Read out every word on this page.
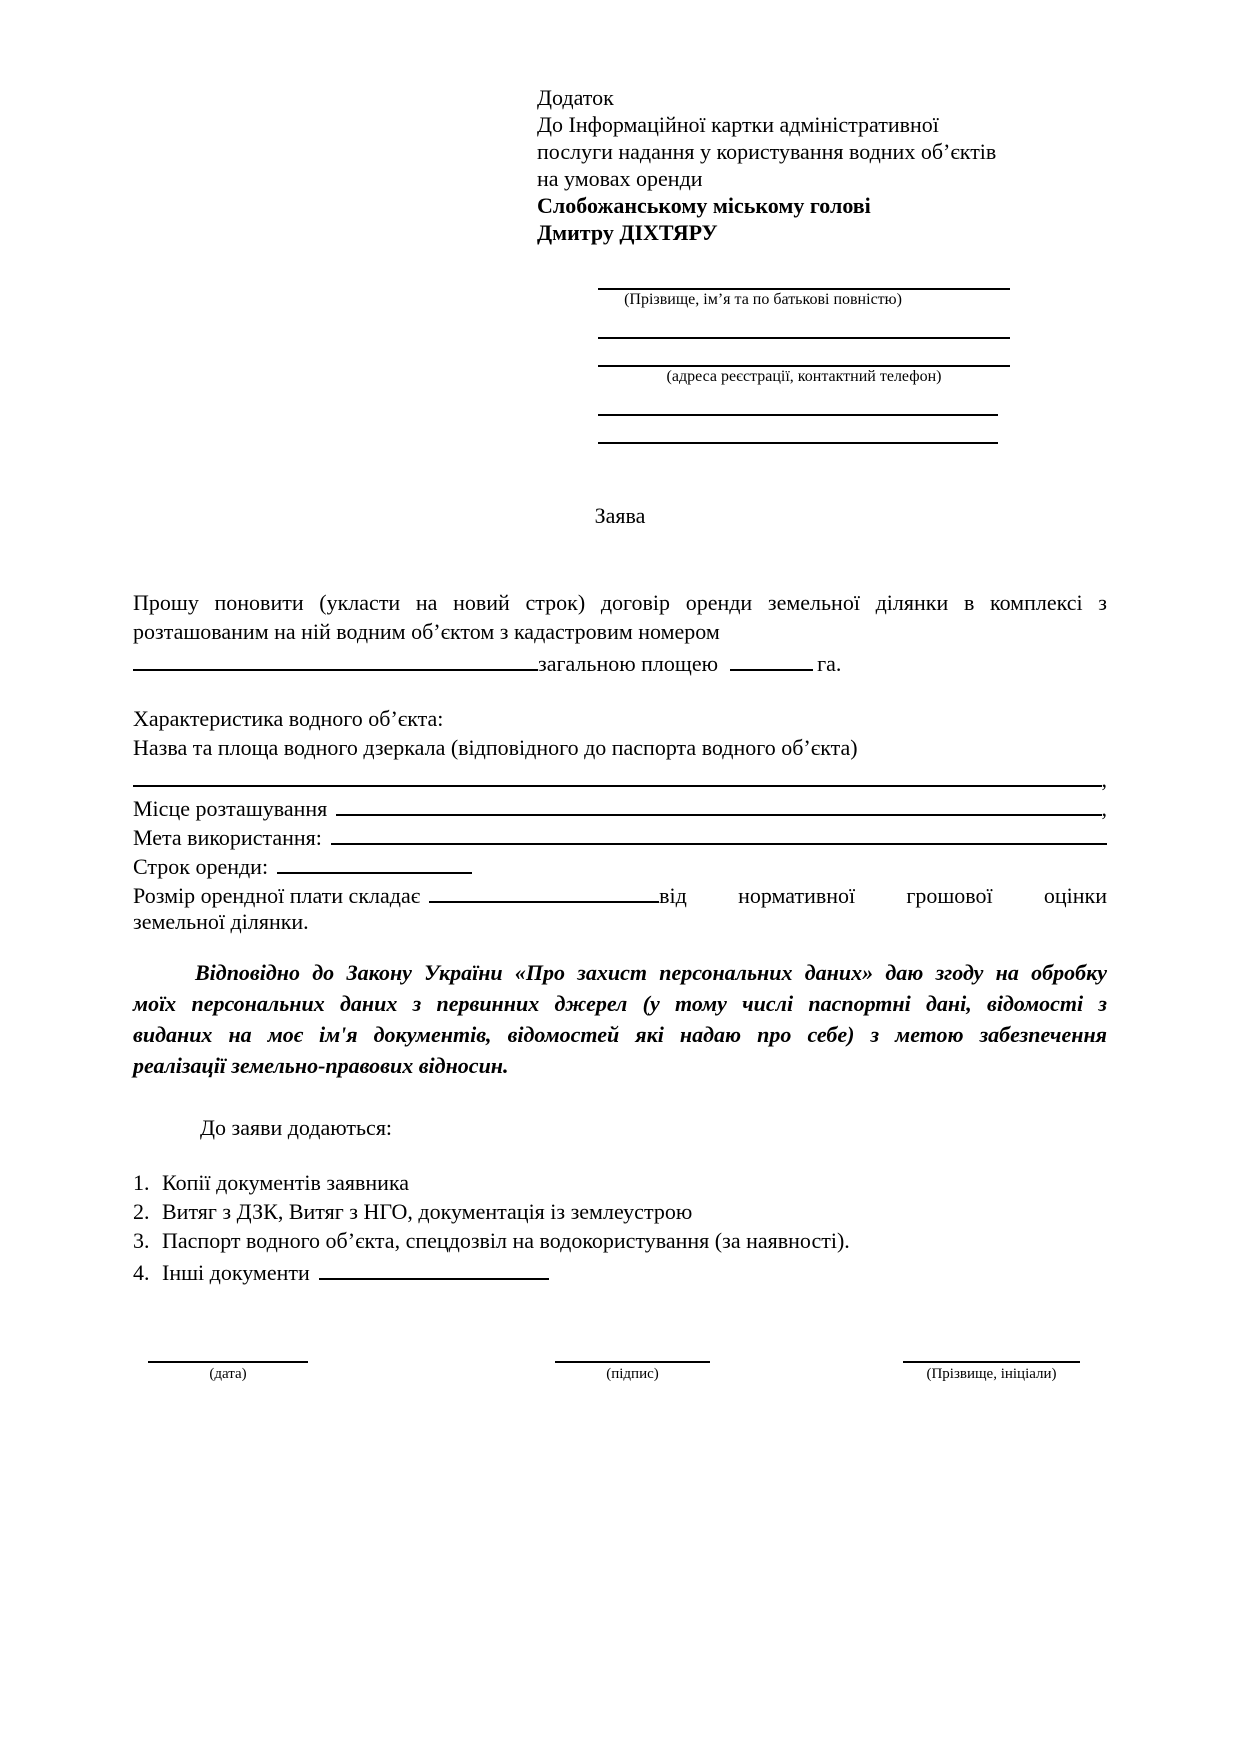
Додаток
До Інформаційної картки адміністративної
послуги надання у користування водних об’єктів
на умовах оренди
Слобожанському міському голові
Дмитру ДІХТЯРУ
(Прізвище, ім’я та по батькові повністю)
(адреса реєстрації, контактний телефон)
Заява
Прошу поновити (укласти на новий строк) договір оренди земельної ділянки в комплексі з
розташованим на ній водним об’єктом з кадастровим номером
загальною площею	га.
Характеристика водного об’єкта:
Назва та площа водного дзеркала (відповідного до паспорта водного об’єкта)
,
Місце розташування	,
Мета використання:
Строк оренди:
Розмір орендної плати складає	від нормативної грошової оцінки
земельної ділянки.
Відповідно до Закону України «Про захист персональних даних» даю згоду на обробку
моїх персональних даних з первинних джерел (у тому числі паспортні дані, відомості з
виданих на моє ім'я документів, відомостей які надаю про себе) з метою забезпечення
реалізації земельно-правових відносин.
До заяви додаються:
1. Копії документів заявника
2. Витяг з ДЗК, Витяг з НГО, документація із землеустрою
3. Паспорт водного об’єкта, спецдозвіл на водокористування (за наявності).
4. Інші документи
(дата)	(підпис)	(Прізвище, ініціали)
